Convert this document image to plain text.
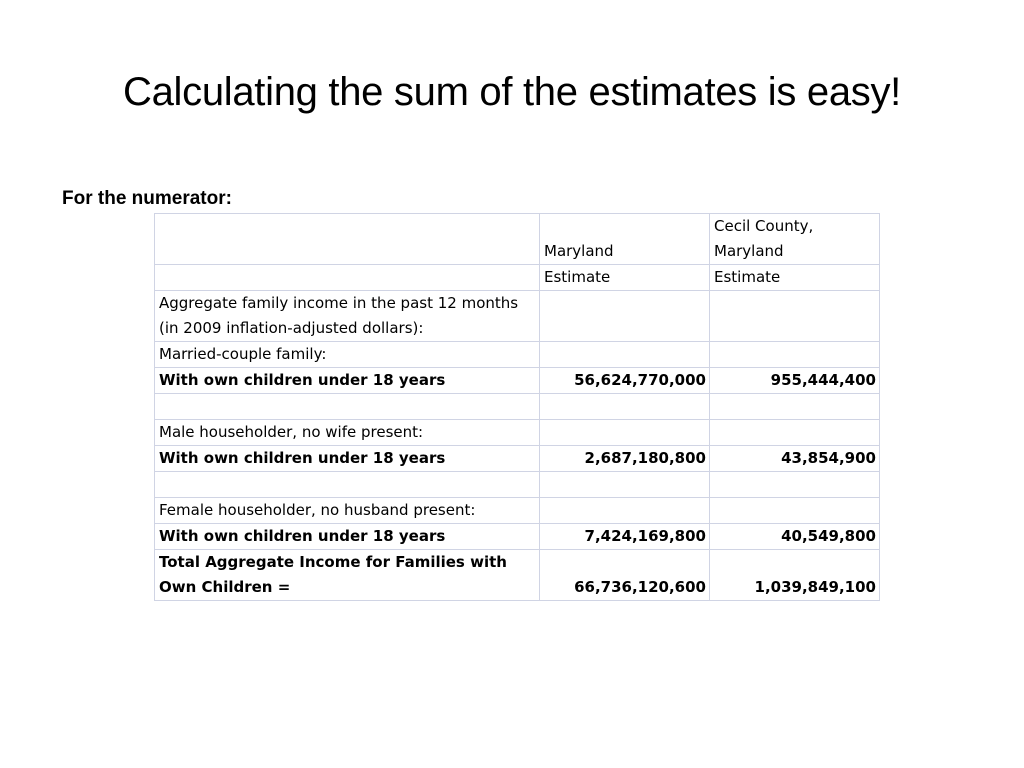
Calculating the sum of the estimates is easy!

For the numerator:

	Maryland	Cecil County, Maryland
	Estimate	Estimate
Aggregate family income in the past 12 months (in 2009 inflation-adjusted dollars):		
Married-couple family:		
With own children under 18 years	56,624,770,000	955,444,400

Male householder, no wife present:		
With own children under 18 years	2,687,180,800	43,854,900

Female householder, no husband present:		
With own children under 18 years	7,424,169,800	40,549,800
Total Aggregate Income for Families with Own Children =	66,736,120,600	1,039,849,100
